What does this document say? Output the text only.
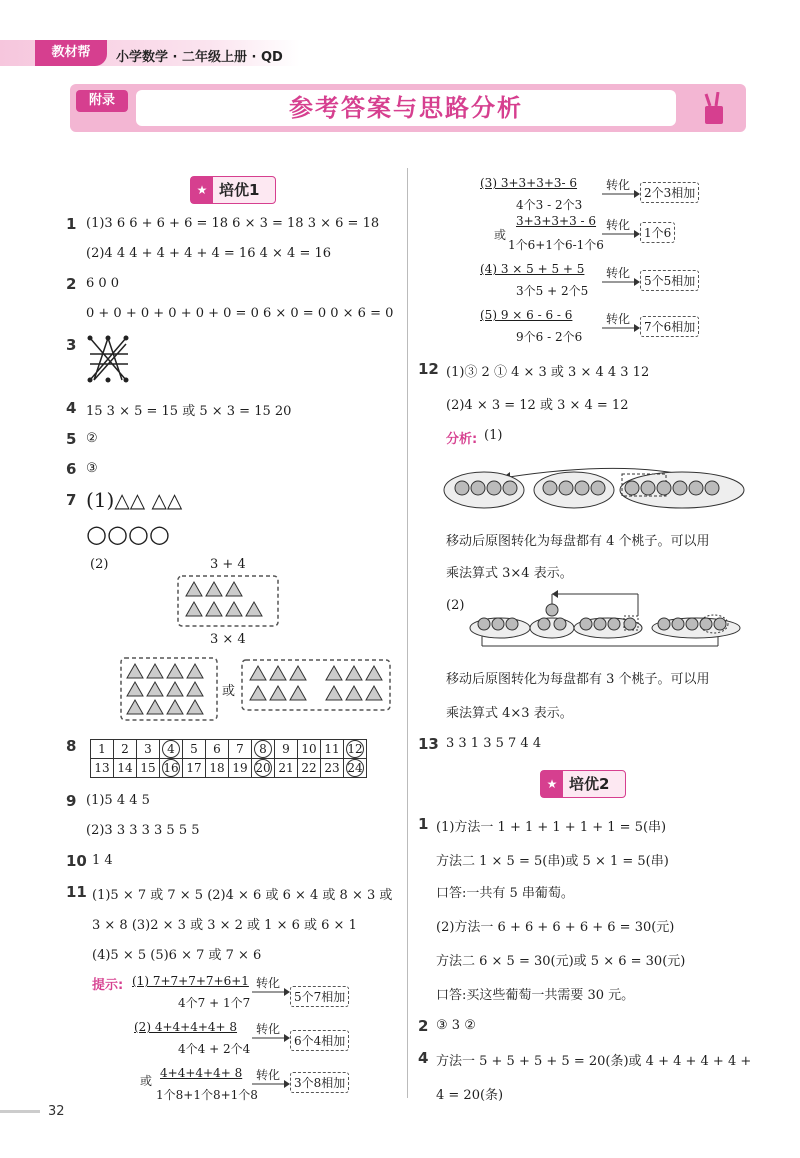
教材帮	小学数学 · 二年级上册 · QD
附录	参考答案与思路分析
★ 培优1
1 (1)3 6 6 + 6 + 6 = 18 6 × 3 = 18 3 × 6 = 18
(2)4 4 4 + 4 + 4 + 4 = 16 4 × 4 = 16
2 6 0 0
0 + 0 + 0 + 0 + 0 + 0 = 0 6 × 0 = 0 0 × 6 = 0
3
4 15 3 × 5 = 15 或 5 × 3 = 15 20
5 ②
6 ③
7 (1)△△ △△
○○○○
(2)	3 + 4
3 × 4
或
8 1	2	3	4	5	6	7	8	9	10	11	12
13	14	15	16	17	18	19	20	21	22	23	24
9 (1)5 4 4 5
(2)3 3 3 3 3 5 5 5
10 1 4
11 (1)5 × 7 或 7 × 5 (2)4 × 6 或 6 × 4 或 8 × 3 或
3 × 8 (3)2 × 3 或 3 × 2 或 1 × 6 或 6 × 1
(4)5 × 5 (5)6 × 7 或 7 × 6
提示: (1) 7+7+7+7+6+1
4个7 + 1个7
转化
5个7相加
(2) 4+4+4+4+ 8
4个4 + 2个4
转化
6个4相加
或
4+4+4+4+ 8
1个8+1个8+1个8
转化
3个8相加
(3) 3+3+3+3- 6
4个3 - 2个3
转化
2个3相加
或
3+3+3+3 - 6
1个6+1个6-1个6
转化
1个6
(4) 3 × 5 + 5 + 5
3个5 + 2个5
转化
5个5相加
(5) 9 × 6 - 6 - 6
9个6 - 2个6
转化
7个6相加
12 (1)③ 2 ① 4 × 3 或 3 × 4 4 3 12
(2)4 × 3 = 12 或 3 × 4 = 12
分析: (1)
移动后原图转化为每盘都有 4 个桃子。可以用
乘法算式 3×4 表示。
(2)
移动后原图转化为每盘都有 3 个桃子。可以用
乘法算式 4×3 表示。
13 3 3 1 3 5 7 4 4
★ 培优2
1 (1)方法一 1 + 1 + 1 + 1 + 1 = 5(串)
方法二 1 × 5 = 5(串)或 5 × 1 = 5(串)
口答:一共有 5 串葡萄。
(2)方法一 6 + 6 + 6 + 6 + 6 = 30(元)
方法二 6 × 5 = 30(元)或 5 × 6 = 30(元)
口答:买这些葡萄一共需要 30 元。
2 ③ 3 ②
4 方法一 5 + 5 + 5 + 5 = 20(条)或 4 + 4 + 4 + 4 +
4 = 20(条)
32
